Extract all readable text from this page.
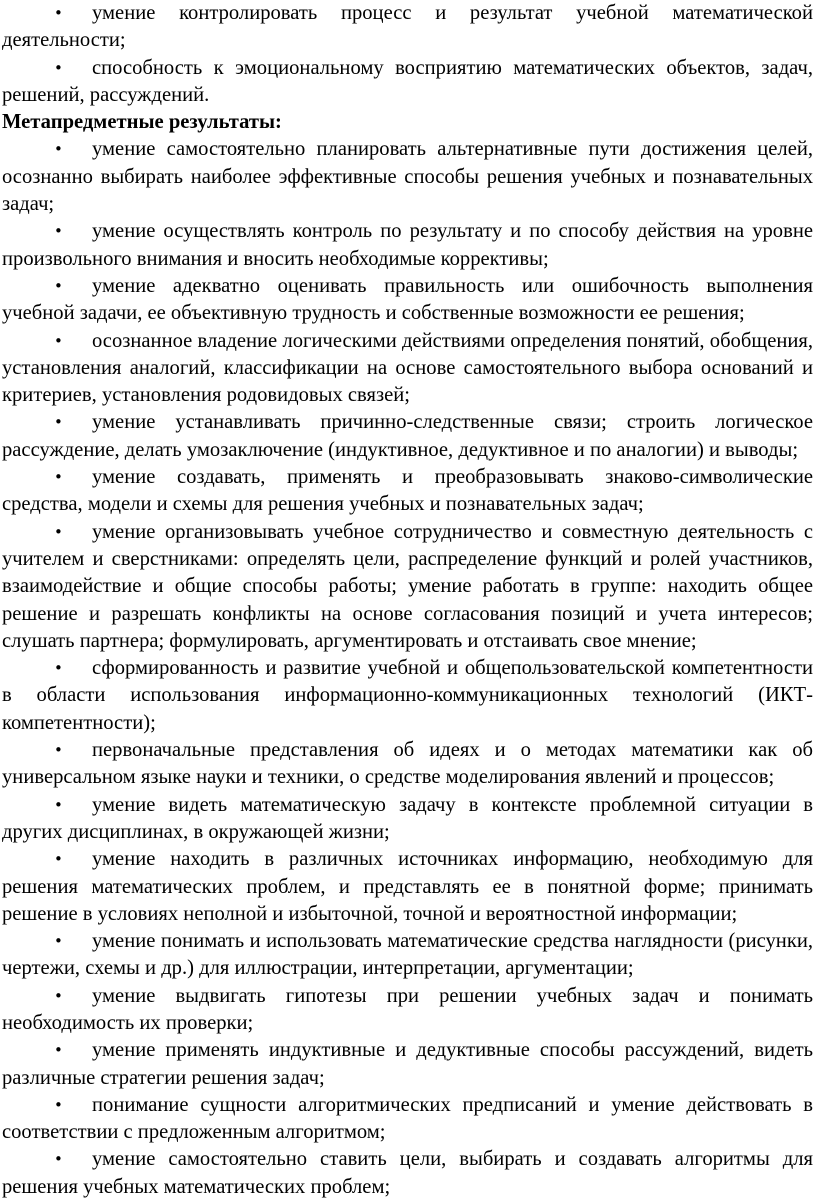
• умение контролировать процесс и результат учебной математической деятельности;

• способность к эмоциональному восприятию математических объектов, задач, решений, рассуждений.

Метапредметные результаты:

• умение самостоятельно планировать альтернативные пути достижения целей, осознанно выбирать наиболее эффективные способы решения учебных и познавательных задач;

• умение осуществлять контроль по результату и по способу действия на уровне произвольного внимания и вносить необходимые коррективы;

• умение адекватно оценивать правильность или ошибочность выполнения учебной задачи, ее объективную трудность и собственные возможности ее решения;

• осознанное владение логическими действиями определения понятий, обобщения, установления аналогий, классификации на основе самостоятельного выбора оснований и критериев, установления родовидовых связей;

• умение устанавливать причинно-следственные связи; строить логическое рассуждение, делать умозаключение (индуктивное, дедуктивное и по аналогии) и выводы;

• умение создавать, применять и преобразовывать знаково-символические средства, модели и схемы для решения учебных и познавательных задач;

• умение организовывать учебное сотрудничество и совместную деятельность с учителем и сверстниками: определять цели, распределение функций и ролей участников, взаимодействие и общие способы работы; умение работать в группе: находить общее решение и разрешать конфликты на основе согласования позиций и учета интересов; слушать партнера; формулировать, аргументировать и отстаивать свое мнение;

• сформированность и развитие учебной и общепользовательской компетентности в области использования информационно-коммуникационных технологий (ИКТ-компетентности);

• первоначальные представления об идеях и о методах математики как об универсальном языке науки и техники, о средстве моделирования явлений и процессов;

• умение видеть математическую задачу в контексте проблемной ситуации в других дисциплинах, в окружающей жизни;

• умение находить в различных источниках информацию, необходимую для решения математических проблем, и представлять ее в понятной форме; принимать решение в условиях неполной и избыточной, точной и вероятностной информации;

• умение понимать и использовать математические средства наглядности (рисунки, чертежи, схемы и др.) для иллюстрации, интерпретации, аргументации;

• умение выдвигать гипотезы при решении учебных задач и понимать необходимость их проверки;

• умение применять индуктивные и дедуктивные способы рассуждений, видеть различные стратегии решения задач;

• понимание сущности алгоритмических предписаний и умение действовать в соответствии с предложенным алгоритмом;

• умение самостоятельно ставить цели, выбирать и создавать алгоритмы для решения учебных математических проблем;
